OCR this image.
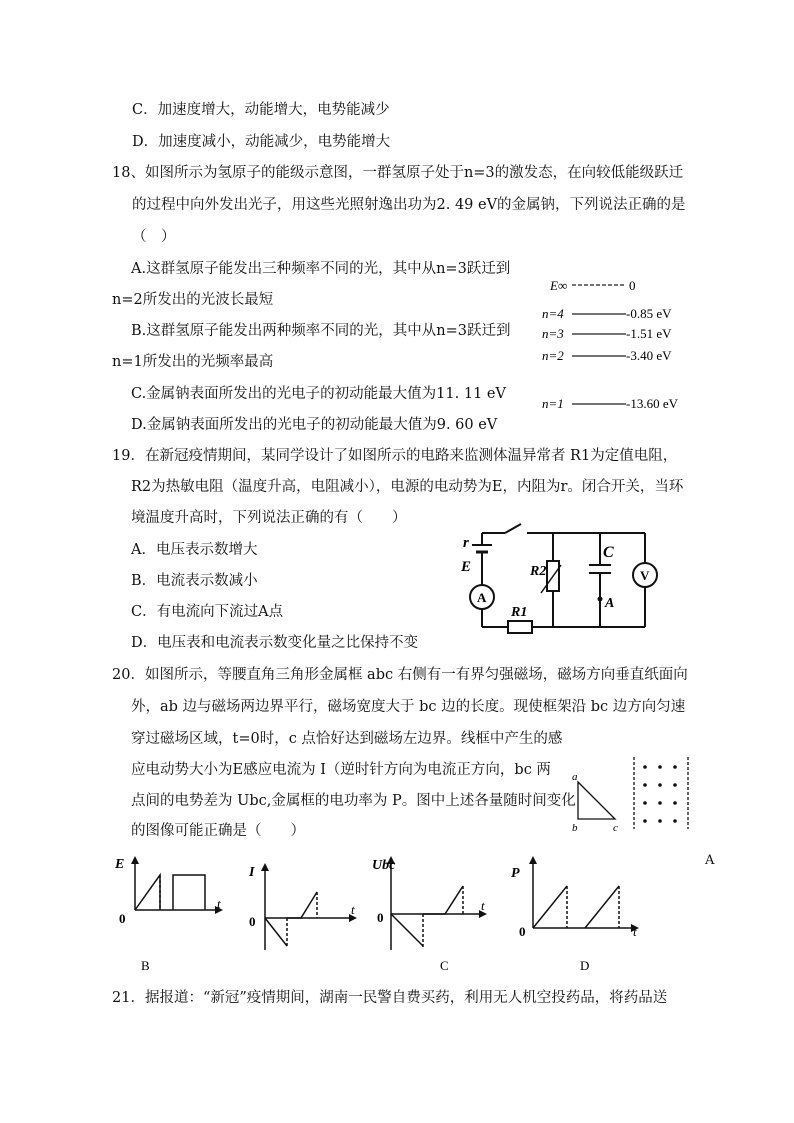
C．加速度增大，动能增大，电势能减少
D．加速度减小，动能减少，电势能增大
18、如图所示为氢原子的能级示意图，一群氢原子处于n=3的激发态，在向较低能级跃迁
的过程中向外发出光子，用这些光照射逸出功为2. 49 eV的金属钠，下列说法正确的是
（　）
A.这群氢原子能发出三种频率不同的光，其中从n=3跃迁到
n=2所发出的光波长最短
B.这群氢原子能发出两种频率不同的光，其中从n=3跃迁到
n=1所发出的光频率最高
C.金属钠表面所发出的光电子的初动能最大值为11. 11 eV
D.金属钠表面所发出的光电子的初动能最大值为9. 60 eV
E∞	0
n=4	-0.85 eV
n=3	-1.51 eV
n=2	-3.40 eV
n=1	-13.60 eV
19．在新冠疫情期间，某同学设计了如图所示的电路来监测体温异常者 R1为定值电阻，
R2为热敏电阻（温度升高，电阻减小），电源的电动势为E，内阻为r。闭合开关，当环
境温度升高时，下列说法正确的有（　　）
A．电压表示数增大
B．电流表示数减小
C．有电流向下流过A点
D．电压表和电流表示数变化量之比保持不变
r
E
A
R1
R2
C
A
V
20．如图所示，等腰直角三角形金属框 abc 右侧有一有界匀强磁场，磁场方向垂直纸面向
外，ab 边与磁场两边界平行，磁场宽度大于 bc 边的长度。现使框架沿 bc 边方向匀速
穿过磁场区域，t=0时，c 点恰好达到磁场左边界。线框中产生的感
应电动势大小为E感应电流为 I（逆时针方向为电流正方向，bc 两
点间的电势差为 Ubc,金属框的电功率为 P。图中上述各量随时间变化
的图像可能正确是（　　）
A
a
b	c
E
0
t
I
0
t
Ubc
0
t
P
0	t
B	C	D
21．据报道：“新冠”疫情期间，湖南一民警自费买药，利用无人机空投药品，将药品送
